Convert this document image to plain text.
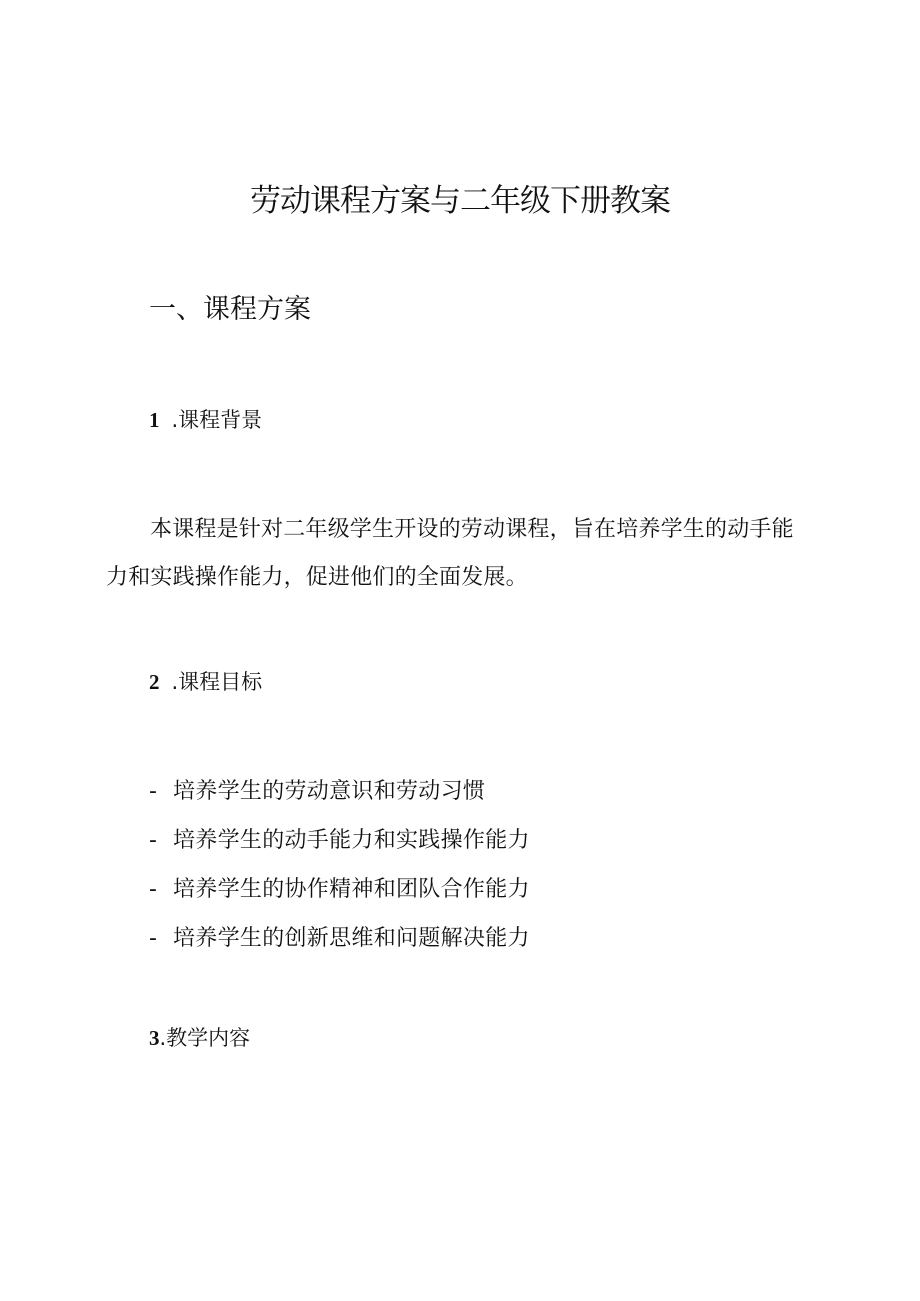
劳动课程方案与二年级下册教案
一、课程方案
1 .课程背景

本课程是针对二年级学生开设的劳动课程，旨在培养学生的动手能力和实践操作能力，促进他们的全面发展。

2 .课程目标
- 培养学生的劳动意识和劳动习惯
- 培养学生的动手能力和实践操作能力
- 培养学生的协作精神和团队合作能力
- 培养学生的创新思维和问题解决能力
3.教学内容
